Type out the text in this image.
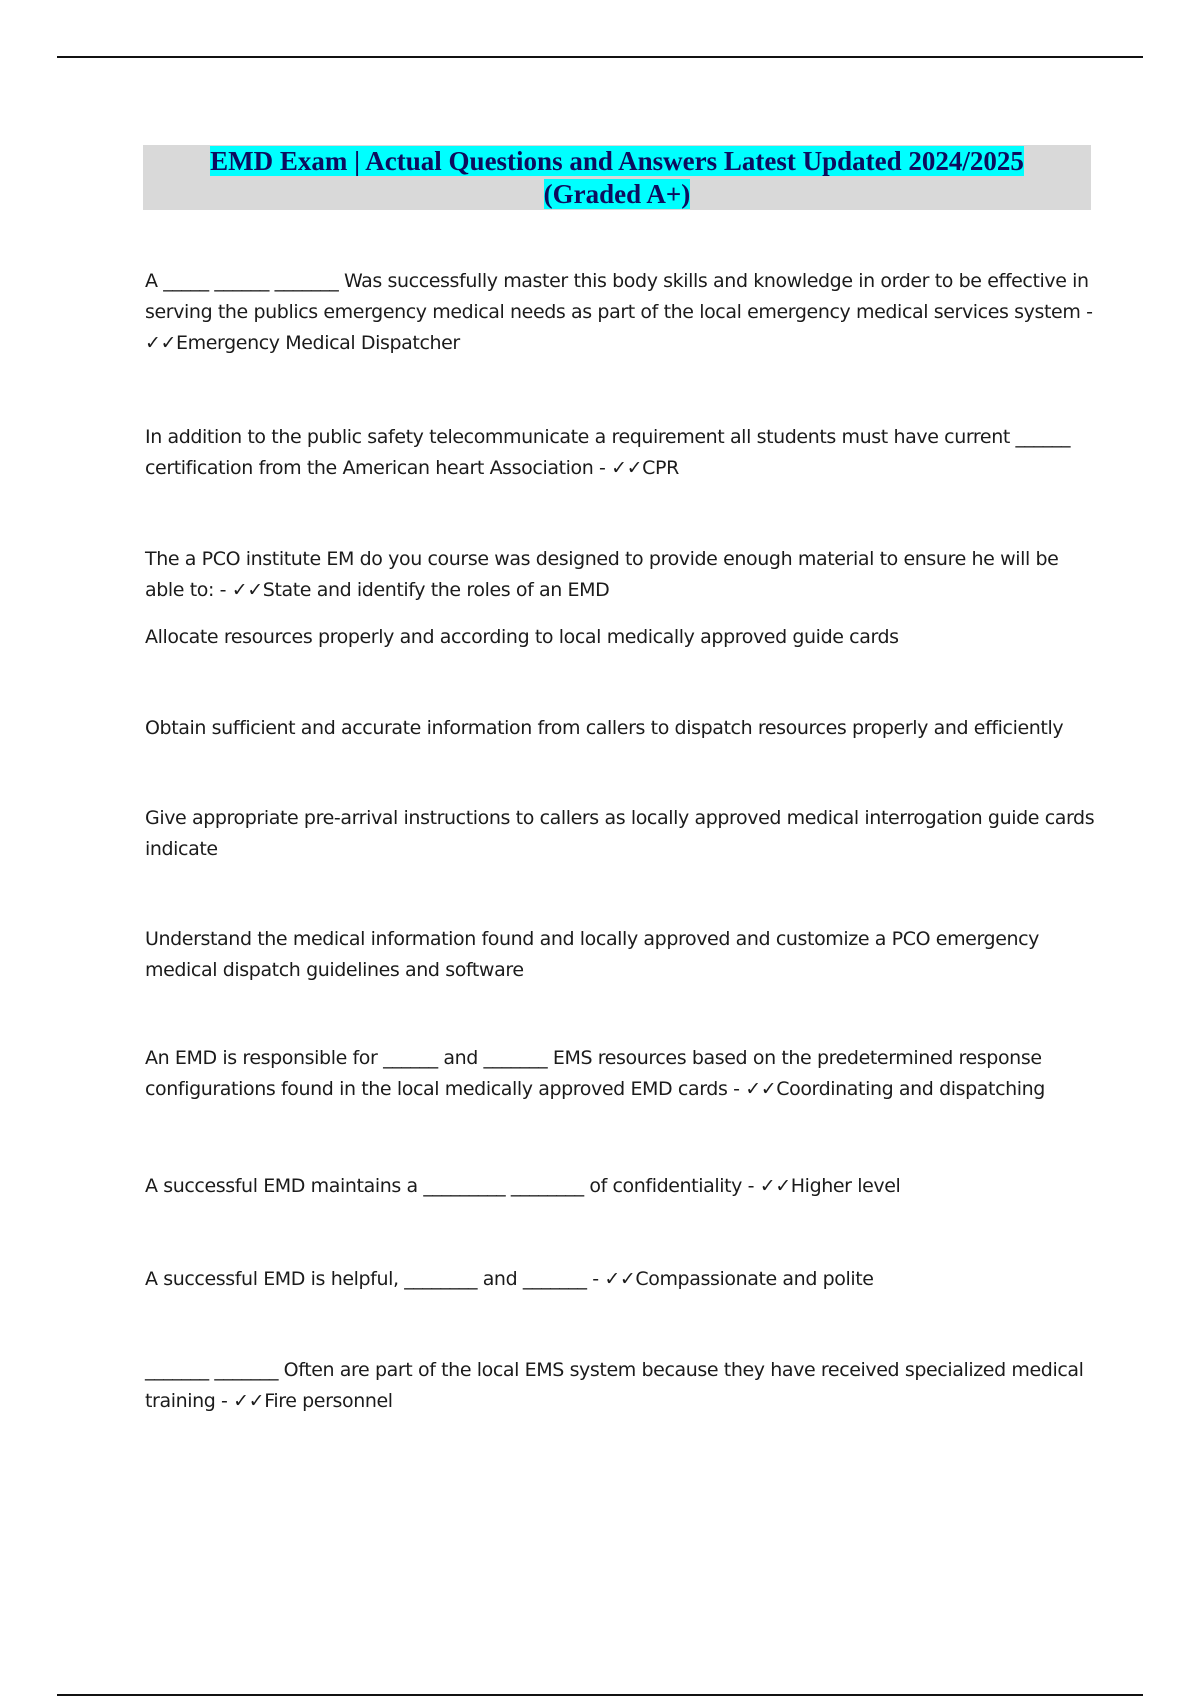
EMD Exam | Actual Questions and Answers Latest Updated 2024/2025
(Graded A+)

A _____ ______ _______ Was successfully master this body skills and knowledge in order to be effective in serving the publics emergency medical needs as part of the local emergency medical services system - ✓✓Emergency Medical Dispatcher

In addition to the public safety telecommunicate a requirement all students must have current ______ certification from the American heart Association - ✓✓CPR

The a PCO institute EM do you course was designed to provide enough material to ensure he will be able to: - ✓✓State and identify the roles of an EMD

Allocate resources properly and according to local medically approved guide cards

Obtain sufficient and accurate information from callers to dispatch resources properly and efficiently

Give appropriate pre-arrival instructions to callers as locally approved medical interrogation guide cards indicate

Understand the medical information found and locally approved and customize a PCO emergency medical dispatch guidelines and software

An EMD is responsible for ______ and _______ EMS resources based on the predetermined response configurations found in the local medically approved EMD cards - ✓✓Coordinating and dispatching

A successful EMD maintains a _________ ________ of confidentiality - ✓✓Higher level

A successful EMD is helpful, ________ and _______ - ✓✓Compassionate and polite

_______ _______ Often are part of the local EMS system because they have received specialized medical training - ✓✓Fire personnel
